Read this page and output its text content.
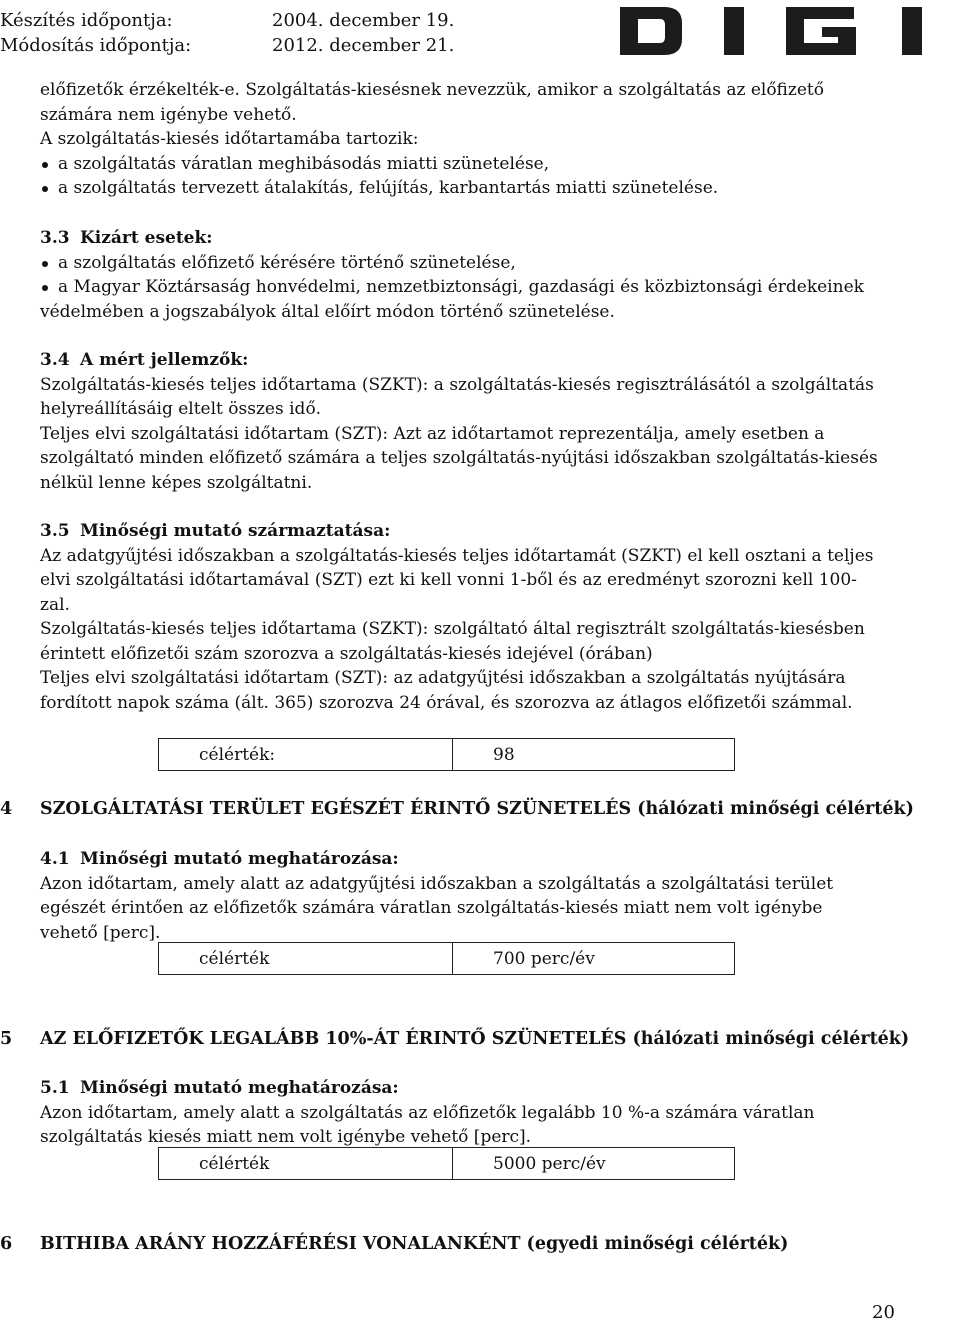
Készítés időpontja:	2004. december 19.
Módosítás időpontja:	2012. december 21.
előfizetők érzékelték-e. Szolgáltatás-kiesésnek nevezzük, amikor a szolgáltatás az előfizető
számára nem igénybe vehető.
A szolgáltatás-kiesés időtartamába tartozik:
a szolgáltatás váratlan meghibásodás miatti szünetelése,
a szolgáltatás tervezett átalakítás, felújítás, karbantartás miatti szünetelése.
3.3 Kizárt esetek:
a szolgáltatás előfizető kérésére történő szünetelése,
a Magyar Köztársaság honvédelmi, nemzetbiztonsági, gazdasági és közbiztonsági érdekeinek
védelmében a jogszabályok által előírt módon történő szünetelése.
3.4 A mért jellemzők:
Szolgáltatás-kiesés teljes időtartama (SZKT): a szolgáltatás-kiesés regisztrálásától a szolgáltatás
helyreállításáig eltelt összes idő.
Teljes elvi szolgáltatási időtartam (SZT): Azt az időtartamot reprezentálja, amely esetben a
szolgáltató minden előfizető számára a teljes szolgáltatás-nyújtási időszakban szolgáltatás-kiesés
nélkül lenne képes szolgáltatni.
3.5 Minőségi mutató származtatása:
Az adatgyűjtési időszakban a szolgáltatás-kiesés teljes időtartamát (SZKT) el kell osztani a teljes
elvi szolgáltatási időtartamával (SZT) ezt ki kell vonni 1-ből és az eredményt szorozni kell 100-
zal.
Szolgáltatás-kiesés teljes időtartama (SZKT): szolgáltató által regisztrált szolgáltatás-kiesésben
érintett előfizetői szám szorozva a szolgáltatás-kiesés idejével (órában)
Teljes elvi szolgáltatási időtartam (SZT): az adatgyűjtési időszakban a szolgáltatás nyújtására
fordított napok száma (ált. 365) szorozva 24 órával, és szorozva az átlagos előfizetői számmal.
célérték:	98
4 SZOLGÁLTATÁSI TERÜLET EGÉSZÉT ÉRINTŐ SZÜNETELÉS (hálózati minőségi célérték)
4.1 Minőségi mutató meghatározása:
Azon időtartam, amely alatt az adatgyűjtési időszakban a szolgáltatás a szolgáltatási terület
egészét érintően az előfizetők számára váratlan szolgáltatás-kiesés miatt nem volt igénybe
vehető [perc].
célérték	700 perc/év
5 AZ ELŐFIZETŐK LEGALÁBB 10%-ÁT ÉRINTŐ SZÜNETELÉS (hálózati minőségi célérték)
5.1 Minőségi mutató meghatározása:
Azon időtartam, amely alatt a szolgáltatás az előfizetők legalább 10 %-a számára váratlan
szolgáltatás kiesés miatt nem volt igénybe vehető [perc].
célérték	5000 perc/év
6 BITHIBA ARÁNY HOZZÁFÉRÉSI VONALANKÉNT (egyedi minőségi célérték)
20
